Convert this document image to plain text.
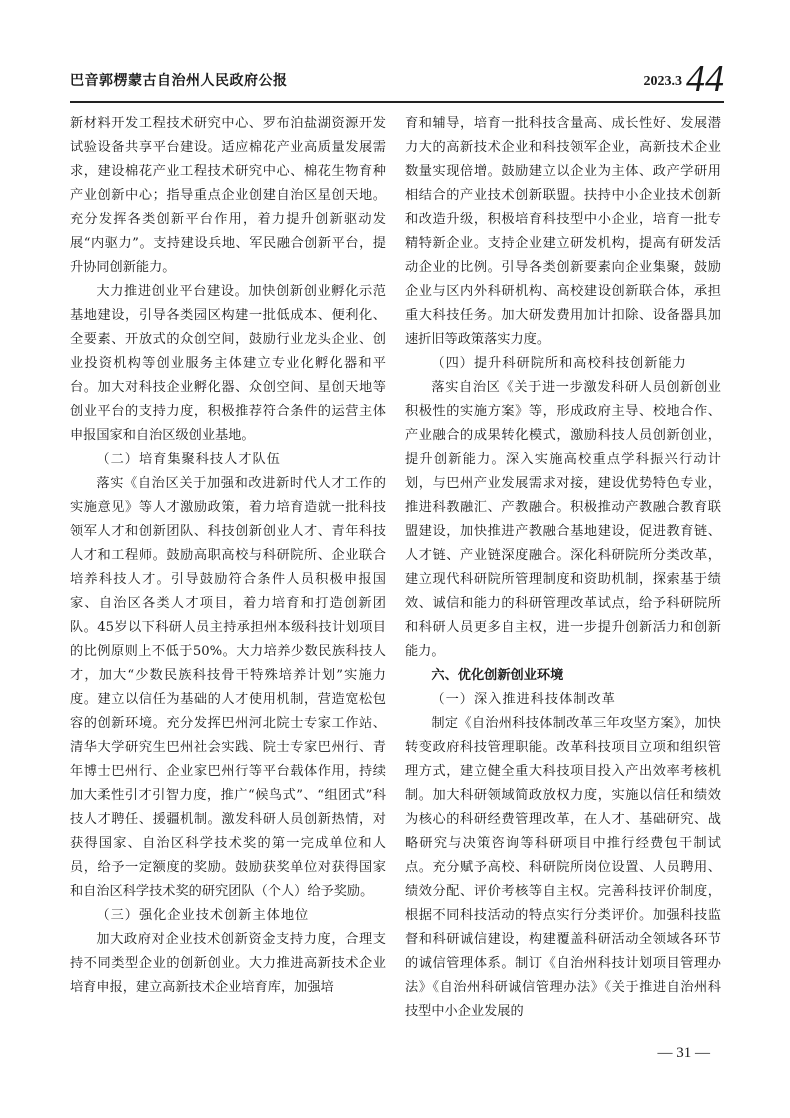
巴音郭楞蒙古自治州人民政府公报	2023.3 44

新材料开发工程技术研究中心、罗布泊盐湖资源开发试验设备共享平台建设。适应棉花产业高质量发展需求，建设棉花产业工程技术研究中心、棉花生物育种产业创新中心；指导重点企业创建自治区星创天地。充分发挥各类创新平台作用，着力提升创新驱动发展“内驱力”。支持建设兵地、军民融合创新平台，提升协同创新能力。

大力推进创业平台建设。加快创新创业孵化示范基地建设，引导各类园区构建一批低成本、便利化、全要素、开放式的众创空间，鼓励行业龙头企业、创业投资机构等创业服务主体建立专业化孵化器和平台。加大对科技企业孵化器、众创空间、星创天地等创业平台的支持力度，积极推荐符合条件的运营主体申报国家和自治区级创业基地。

（二）培育集聚科技人才队伍

落实《自治区关于加强和改进新时代人才工作的实施意见》等人才激励政策，着力培育造就一批科技领军人才和创新团队、科技创新创业人才、青年科技人才和工程师。鼓励高职高校与科研院所、企业联合培养科技人才。引导鼓励符合条件人员积极申报国家、自治区各类人才项目，着力培育和打造创新团队。45岁以下科研人员主持承担州本级科技计划项目的比例原则上不低于50%。大力培养少数民族科技人才，加大“少数民族科技骨干特殊培养计划”实施力度。建立以信任为基础的人才使用机制，营造宽松包容的创新环境。充分发挥巴州河北院士专家工作站、清华大学研究生巴州社会实践、院士专家巴州行、青年博士巴州行、企业家巴州行等平台载体作用，持续加大柔性引才引智力度，推广“候鸟式”、“组团式”科技人才聘任、援疆机制。激发科研人员创新热情，对获得国家、自治区科学技术奖的第一完成单位和人员，给予一定额度的奖励。鼓励获奖单位对获得国家和自治区科学技术奖的研究团队（个人）给予奖励。

（三）强化企业技术创新主体地位

加大政府对企业技术创新资金支持力度，合理支持不同类型企业的创新创业。大力推进高新技术企业培育申报，建立高新技术企业培育库，加强培

育和辅导，培育一批科技含量高、成长性好、发展潜力大的高新技术企业和科技领军企业，高新技术企业数量实现倍增。鼓励建立以企业为主体、政产学研用相结合的产业技术创新联盟。扶持中小企业技术创新和改造升级，积极培育科技型中小企业，培育一批专精特新企业。支持企业建立研发机构，提高有研发活动企业的比例。引导各类创新要素向企业集聚，鼓励企业与区内外科研机构、高校建设创新联合体，承担重大科技任务。加大研发费用加计扣除、设备器具加速折旧等政策落实力度。

（四）提升科研院所和高校科技创新能力

落实自治区《关于进一步激发科研人员创新创业积极性的实施方案》等，形成政府主导、校地合作、产业融合的成果转化模式，激励科技人员创新创业，提升创新能力。深入实施高校重点学科振兴行动计划，与巴州产业发展需求对接，建设优势特色专业，推进科教融汇、产教融合。积极推动产教融合教育联盟建设，加快推进产教融合基地建设，促进教育链、人才链、产业链深度融合。深化科研院所分类改革，建立现代科研院所管理制度和资助机制，探索基于绩效、诚信和能力的科研管理改革试点，给予科研院所和科研人员更多自主权，进一步提升创新活力和创新能力。

六、优化创新创业环境
（一）深入推进科技体制改革

制定《自治州科技体制改革三年攻坚方案》，加快转变政府科技管理职能。改革科技项目立项和组织管理方式，建立健全重大科技项目投入产出效率考核机制。加大科研领域简政放权力度，实施以信任和绩效为核心的科研经费管理改革，在人才、基础研究、战略研究与决策咨询等科研项目中推行经费包干制试点。充分赋予高校、科研院所岗位设置、人员聘用、绩效分配、评价考核等自主权。完善科技评价制度，根据不同科技活动的特点实行分类评价。加强科技监督和科研诚信建设，构建覆盖科研活动全领域各环节的诚信管理体系。制订《自治州科技计划项目管理办法》《自治州科研诚信管理办法》《关于推进自治州科技型中小企业发展的

— 31 —
